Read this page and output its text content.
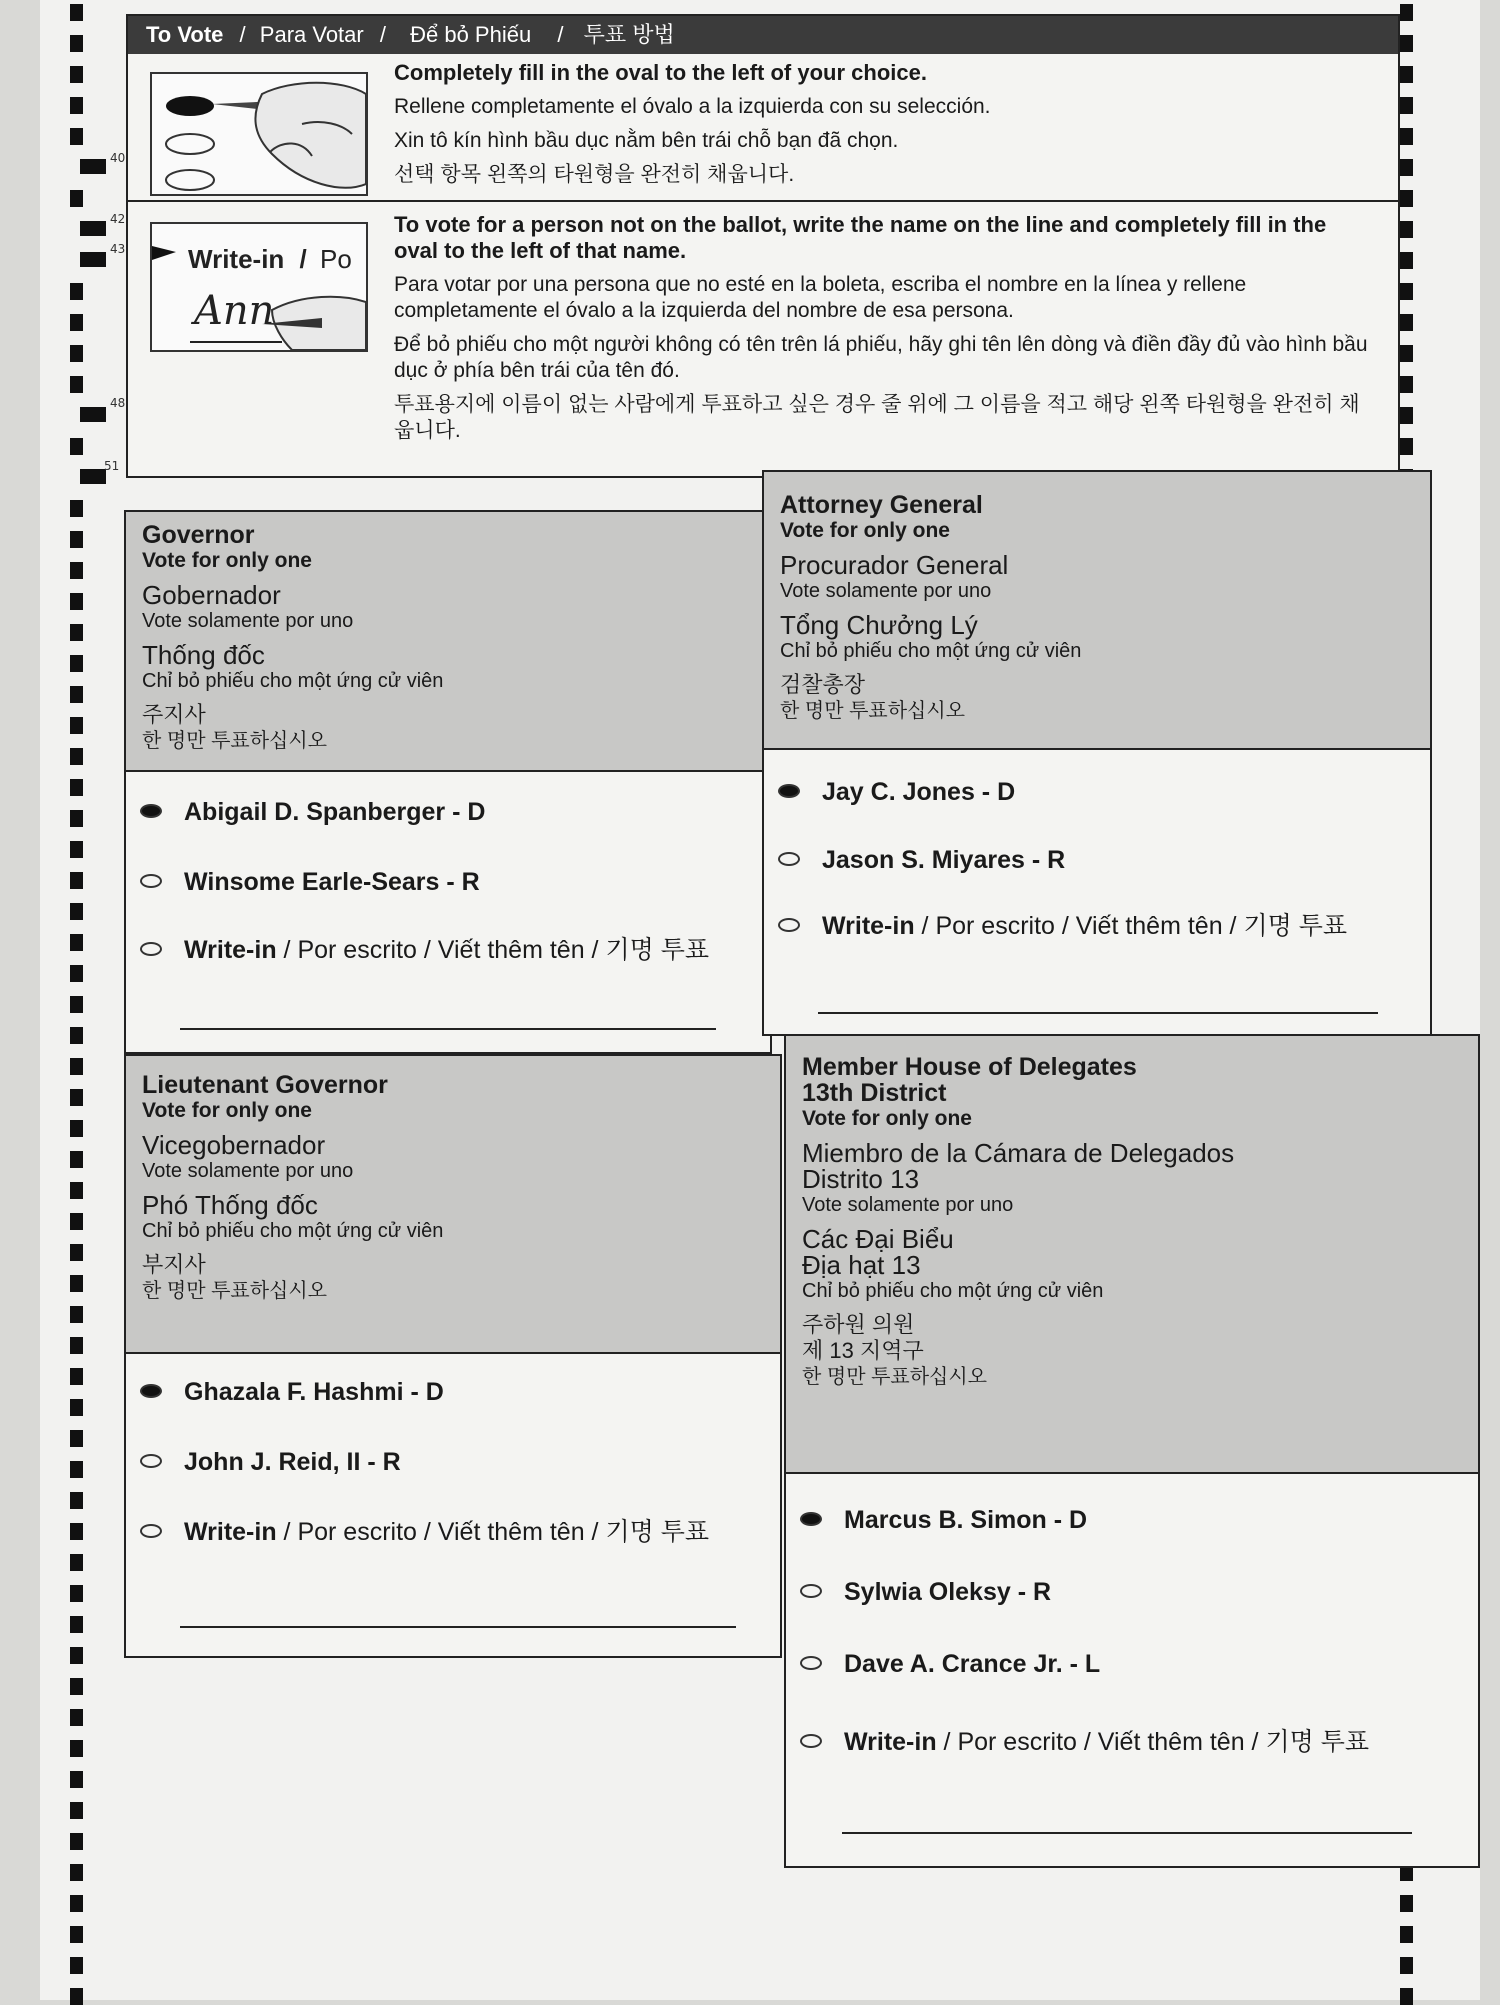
40
42
43
48
51
To Vote / Para Votar / Để bỏ Phiếu / 투표 방법

Completely fill in the oval to the left of your choice.

Rellene completamente el óvalo a la izquierda con su selección.

Xin tô kín hình bầu dục nằm bên trái chỗ bạn đã chọn.

선택 항목 왼쪽의 타원형을 완전히 채웁니다.

Write-in / Po
Ann

To vote for a person not on the ballot, write the name on the line and completely fill in the oval to the left of that name.

Para votar por una persona que no esté en la boleta, escriba el nombre en la línea y rellene completamente el óvalo a la izquierda del nombre de esa persona.

Để bỏ phiếu cho một người không có tên trên lá phiếu, hãy ghi tên lên dòng và điền đầy đủ vào hình bầu dục ở phía bên trái của tên đó.

투표용지에 이름이 없는 사람에게 투표하고 싶은 경우 줄 위에 그 이름을 적고 해당 왼쪽 타원형을 완전히 채웁니다.

Governor
Vote for only one
Gobernador
Vote solamente por uno
Thống đốc
Chỉ bỏ phiếu cho một ứng cử viên
주지사
한 명만 투표하십시오
Abigail D. Spanberger - D
Winsome Earle-Sears - R
Write-in / Por escrito / Viết thêm tên / 기명 투표
Attorney General
Vote for only one
Procurador General
Vote solamente por uno
Tổng Chưởng Lý
Chỉ bỏ phiếu cho một ứng cử viên
검찰총장
한 명만 투표하십시오
Jay C. Jones - D
Jason S. Miyares - R
Write-in / Por escrito / Viết thêm tên / 기명 투표
Lieutenant Governor
Vote for only one
Vicegobernador
Vote solamente por uno
Phó Thống đốc
Chỉ bỏ phiếu cho một ứng cử viên
부지사
한 명만 투표하십시오
Ghazala F. Hashmi - D
John J. Reid, II - R
Write-in / Por escrito / Viết thêm tên / 기명 투표
Member House of Delegates
13th District
Vote for only one
Miembro de la Cámara de Delegados
Distrito 13
Vote solamente por uno
Các Đại Biểu
Địa hạt 13
Chỉ bỏ phiếu cho một ứng cử viên
주하원 의원
제 13 지역구
한 명만 투표하십시오
Marcus B. Simon - D
Sylwia Oleksy - R
Dave A. Crance Jr. - L
Write-in / Por escrito / Viết thêm tên / 기명 투표
